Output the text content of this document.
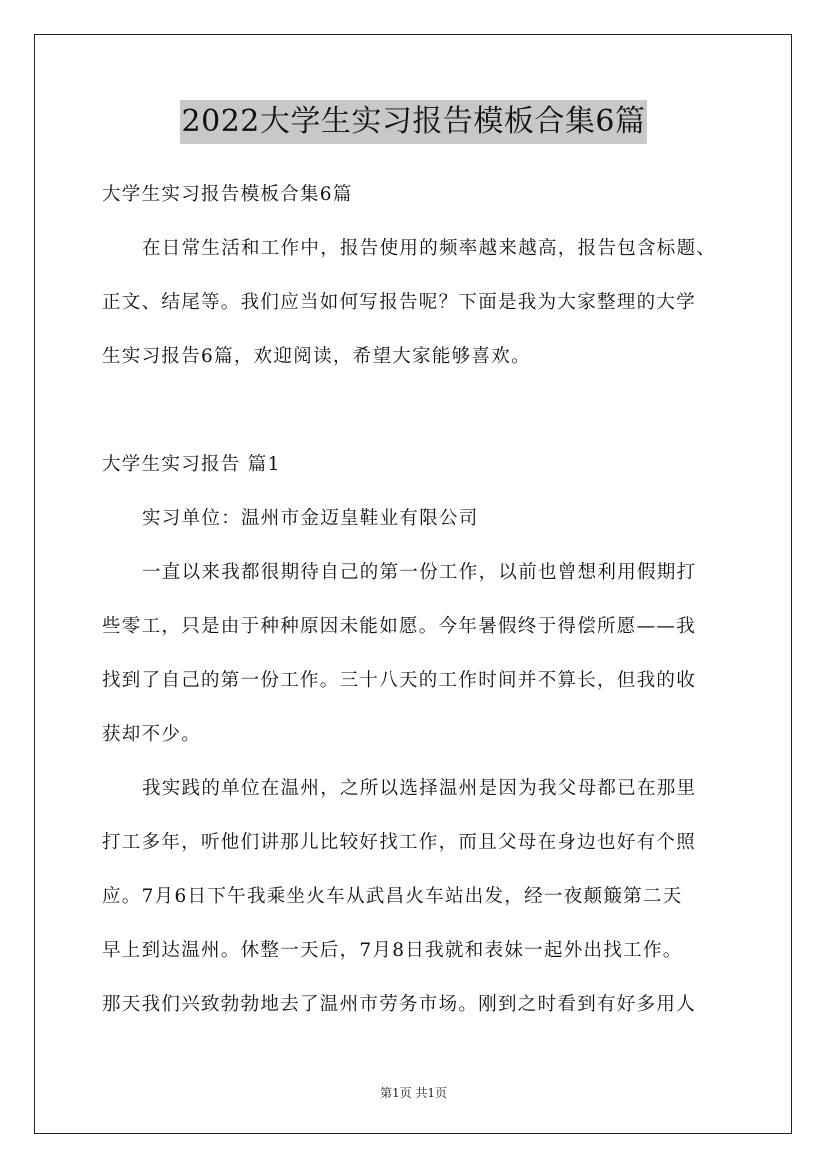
2022大学生实习报告模板合集6篇
大学生实习报告模板合集6篇
在日常生活和工作中，报告使用的频率越来越高，报告包含标题、
正文、结尾等。我们应当如何写报告呢？下面是我为大家整理的大学
生实习报告6篇，欢迎阅读，希望大家能够喜欢。
大学生实习报告 篇1
实习单位：温州市金迈皇鞋业有限公司
一直以来我都很期待自己的第一份工作，以前也曾想利用假期打
些零工，只是由于种种原因未能如愿。今年暑假终于得偿所愿——我
找到了自己的第一份工作。三十八天的工作时间并不算长，但我的收
获却不少。
我实践的单位在温州，之所以选择温州是因为我父母都已在那里
打工多年，听他们讲那儿比较好找工作，而且父母在身边也好有个照
应。7月6日下午我乘坐火车从武昌火车站出发，经一夜颠簸第二天
早上到达温州。休整一天后，7月8日我就和表妹一起外出找工作。
那天我们兴致勃勃地去了温州市劳务市场。刚到之时看到有好多用人
第1页 共1页
